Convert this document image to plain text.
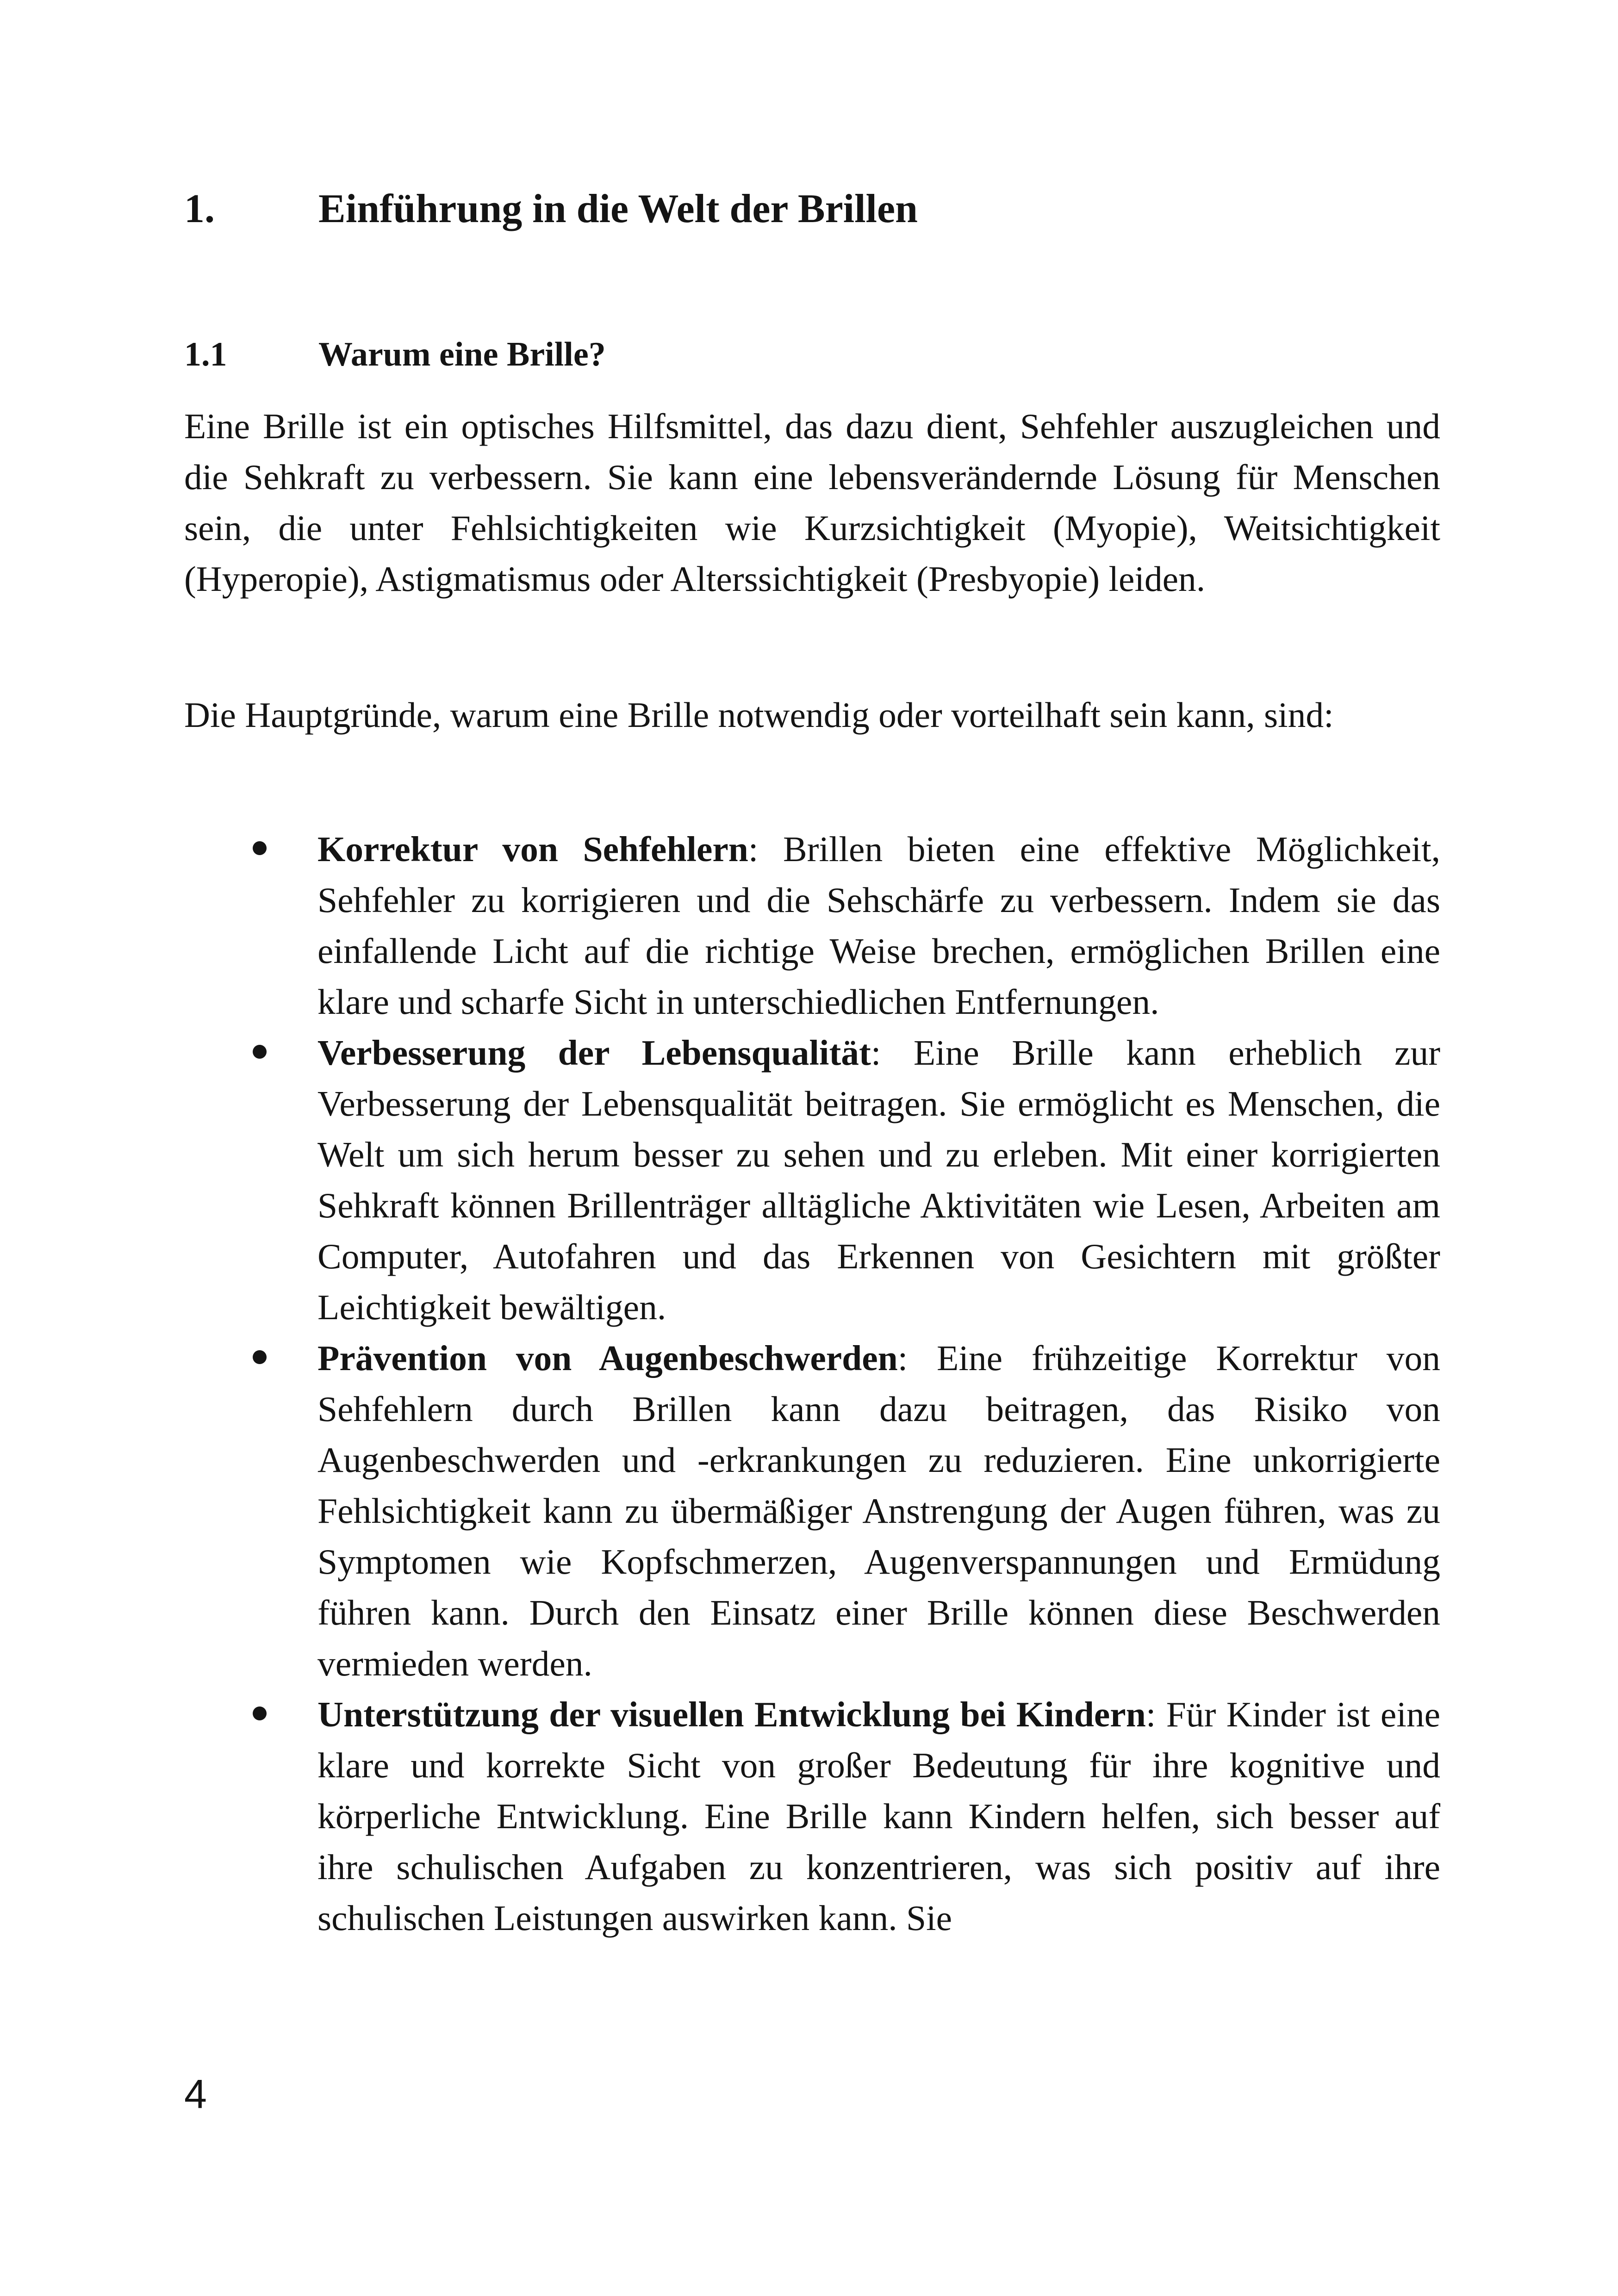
1.	Einführung in die Welt der Brillen
1.1	Warum eine Brille?

Eine Brille ist ein optisches Hilfsmittel, das dazu dient, Sehfehler auszugleichen und die Sehkraft zu verbessern. Sie kann eine lebensverändernde Lösung für Menschen sein, die unter Fehlsichtigkeiten wie Kurzsichtigkeit (Myopie), Weitsichtigkeit (Hyperopie), Astigmatismus oder Alterssichtigkeit (Presbyopie) leiden.

Die Hauptgründe, warum eine Brille notwendig oder vorteilhaft sein kann, sind:

Korrektur von Sehfehlern: Brillen bieten eine effektive Möglichkeit, Sehfehler zu korrigieren und die Sehschärfe zu verbessern. Indem sie das einfallende Licht auf die richtige Weise brechen, ermöglichen Brillen eine klare und scharfe Sicht in unterschiedlichen Entfernungen.
Verbesserung der Lebensqualität: Eine Brille kann erheblich zur Verbesserung der Lebensqualität beitragen. Sie ermöglicht es Menschen, die Welt um sich herum besser zu sehen und zu erleben. Mit einer korrigierten Sehkraft können Brillenträger alltägliche Aktivitäten wie Lesen, Arbeiten am Computer, Autofahren und das Erkennen von Gesichtern mit größter Leichtigkeit bewältigen.
Prävention von Augenbeschwerden: Eine frühzeitige Korrektur von Sehfehlern durch Brillen kann dazu beitragen, das Risiko von Augenbeschwerden und -erkrankungen zu reduzieren. Eine unkorrigierte Fehlsichtigkeit kann zu übermäßiger Anstrengung der Augen führen, was zu Symptomen wie Kopfschmerzen, Augenverspannungen und Ermüdung führen kann. Durch den Einsatz einer Brille können diese Beschwerden vermieden werden.
Unterstützung der visuellen Entwicklung bei Kindern: Für Kinder ist eine klare und korrekte Sicht von großer Bedeutung für ihre kognitive und körperliche Entwicklung. Eine Brille kann Kindern helfen, sich besser auf ihre schulischen Aufgaben zu konzentrieren, was sich positiv auf ihre schulischen Leistungen auswirken kann. Sie
4
